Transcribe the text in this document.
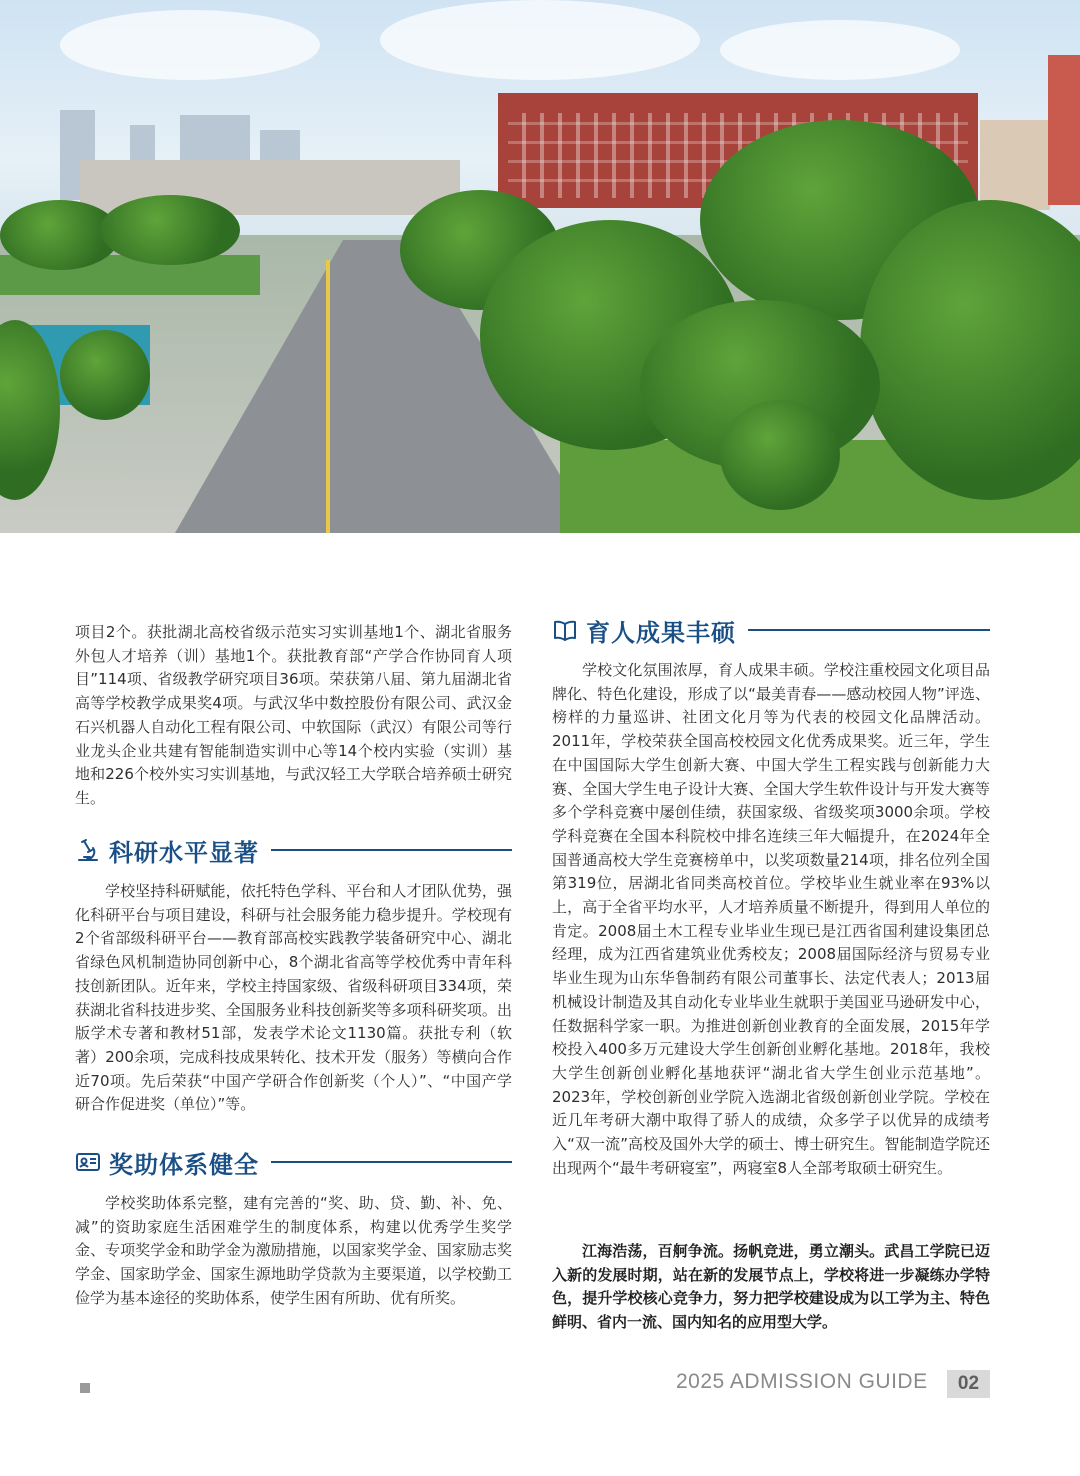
项目2个。获批湖北高校省级示范实习实训基地1个、湖北省服务外包人才培养（训）基地1个。获批教育部“产学合作协同育人项目”114项、省级教学研究项目36项。荣获第八届、第九届湖北省高等学校教学成果奖4项。与武汉华中数控股份有限公司、武汉金石兴机器人自动化工程有限公司、中软国际（武汉）有限公司等行业龙头企业共建有智能制造实训中心等14个校内实验（实训）基地和226个校外实习实训基地，与武汉轻工大学联合培养硕士研究生。

科研水平显著

学校坚持科研赋能，依托特色学科、平台和人才团队优势，强化科研平台与项目建设，科研与社会服务能力稳步提升。学校现有2个省部级科研平台——教育部高校实践教学装备研究中心、湖北省绿色风机制造协同创新中心，8个湖北省高等学校优秀中青年科技创新团队。近年来，学校主持国家级、省级科研项目334项，荣获湖北省科技进步奖、全国服务业科技创新奖等多项科研奖项。出版学术专著和教材51部，发表学术论文1130篇。获批专利（软著）200余项，完成科技成果转化、技术开发（服务）等横向合作近70项。先后荣获“中国产学研合作创新奖（个人）”、“中国产学研合作促进奖（单位）”等。

奖助体系健全

学校奖助体系完整，建有完善的“奖、助、贷、勤、补、免、减”的资助家庭生活困难学生的制度体系，构建以优秀学生奖学金、专项奖学金和助学金为激励措施，以国家奖学金、国家励志奖学金、国家助学金、国家生源地助学贷款为主要渠道，以学校勤工俭学为基本途径的奖助体系，使学生困有所助、优有所奖。

育人成果丰硕

学校文化氛围浓厚，育人成果丰硕。学校注重校园文化项目品牌化、特色化建设，形成了以“最美青春——感动校园人物”评选、榜样的力量巡讲、社团文化月等为代表的校园文化品牌活动。2011年，学校荣获全国高校校园文化优秀成果奖。近三年，学生在中国国际大学生创新大赛、中国大学生工程实践与创新能力大赛、全国大学生电子设计大赛、全国大学生软件设计与开发大赛等多个学科竞赛中屡创佳绩，获国家级、省级奖项3000余项。学校学科竞赛在全国本科院校中排名连续三年大幅提升，在2024年全国普通高校大学生竞赛榜单中，以奖项数量214项，排名位列全国第319位，居湖北省同类高校首位。学校毕业生就业率在93%以上，高于全省平均水平，人才培养质量不断提升，得到用人单位的肯定。2008届土木工程专业毕业生现已是江西省国利建设集团总经理，成为江西省建筑业优秀校友；2008届国际经济与贸易专业毕业生现为山东华鲁制药有限公司董事长、法定代表人；2013届机械设计制造及其自动化专业毕业生就职于美国亚马逊研发中心，任数据科学家一职。为推进创新创业教育的全面发展，2015年学校投入400多万元建设大学生创新创业孵化基地。2018年，我校大学生创新创业孵化基地获评“湖北省大学生创业示范基地”。2023年，学校创新创业学院入选湖北省级创新创业学院。学校在近几年考研大潮中取得了骄人的成绩，众多学子以优异的成绩考入“双一流”高校及国外大学的硕士、博士研究生。智能制造学院还出现两个“最牛考研寝室”，两寝室8人全部考取硕士研究生。

江海浩荡，百舸争流。扬帆竞进，勇立潮头。武昌工学院已迈入新的发展时期，站在新的发展节点上，学校将进一步凝练办学特色，提升学校核心竞争力，努力把学校建设成为以工学为主、特色鲜明、省内一流、国内知名的应用型大学。

2025 ADMISSION GUIDE	02
